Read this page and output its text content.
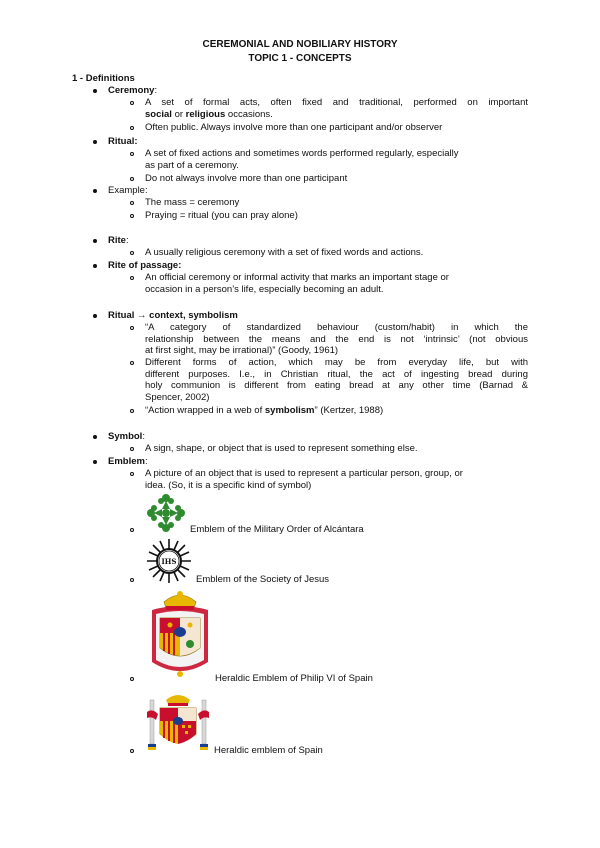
CEREMONIAL AND NOBILIARY HISTORY
TOPIC 1 - CONCEPTS
1 - Definitions
Ceremony:
A set of formal acts, often fixed and traditional, performed on important
social or religious occasions.
Often public. Always involve more than one participant and/or observer
Ritual:
A set of fixed actions and sometimes words performed regularly, especially
as part of a ceremony.
Do not always involve more than one participant
Example:
The mass = ceremony
Praying = ritual (you can pray alone)
Rite:
A usually religious ceremony with a set of fixed words and actions.
Rite of passage:
An official ceremony or informal activity that marks an important stage or
occasion in a person’s life, especially becoming an adult.
Ritual → context, symbolism
“A category of standardized behaviour (custom/habit) in which the
relationship between the means and the end is not ‘intrinsic’ (not obvious
at first sight, may be irrational)” (Goody, 1961)
Different forms of action, which may be from everyday life, but with
different purposes. I.e., in Christian ritual, the act of ingesting bread during
holy communion is different from eating bread at any other time (Barnad &
Spencer, 2002)
“Action wrapped in a web of symbolism” (Kertzer, 1988)
Symbol:
A sign, shape, or object that is used to represent something else.
Emblem:
A picture of an object that is used to represent a particular person, group, or
idea. (So, it is a specific kind of symbol)
Emblem of the Military Order of Alcántara
IHS
Emblem of the Society of Jesus
Heraldic Emblem of Philip VI of Spain
Heraldic emblem of Spain
